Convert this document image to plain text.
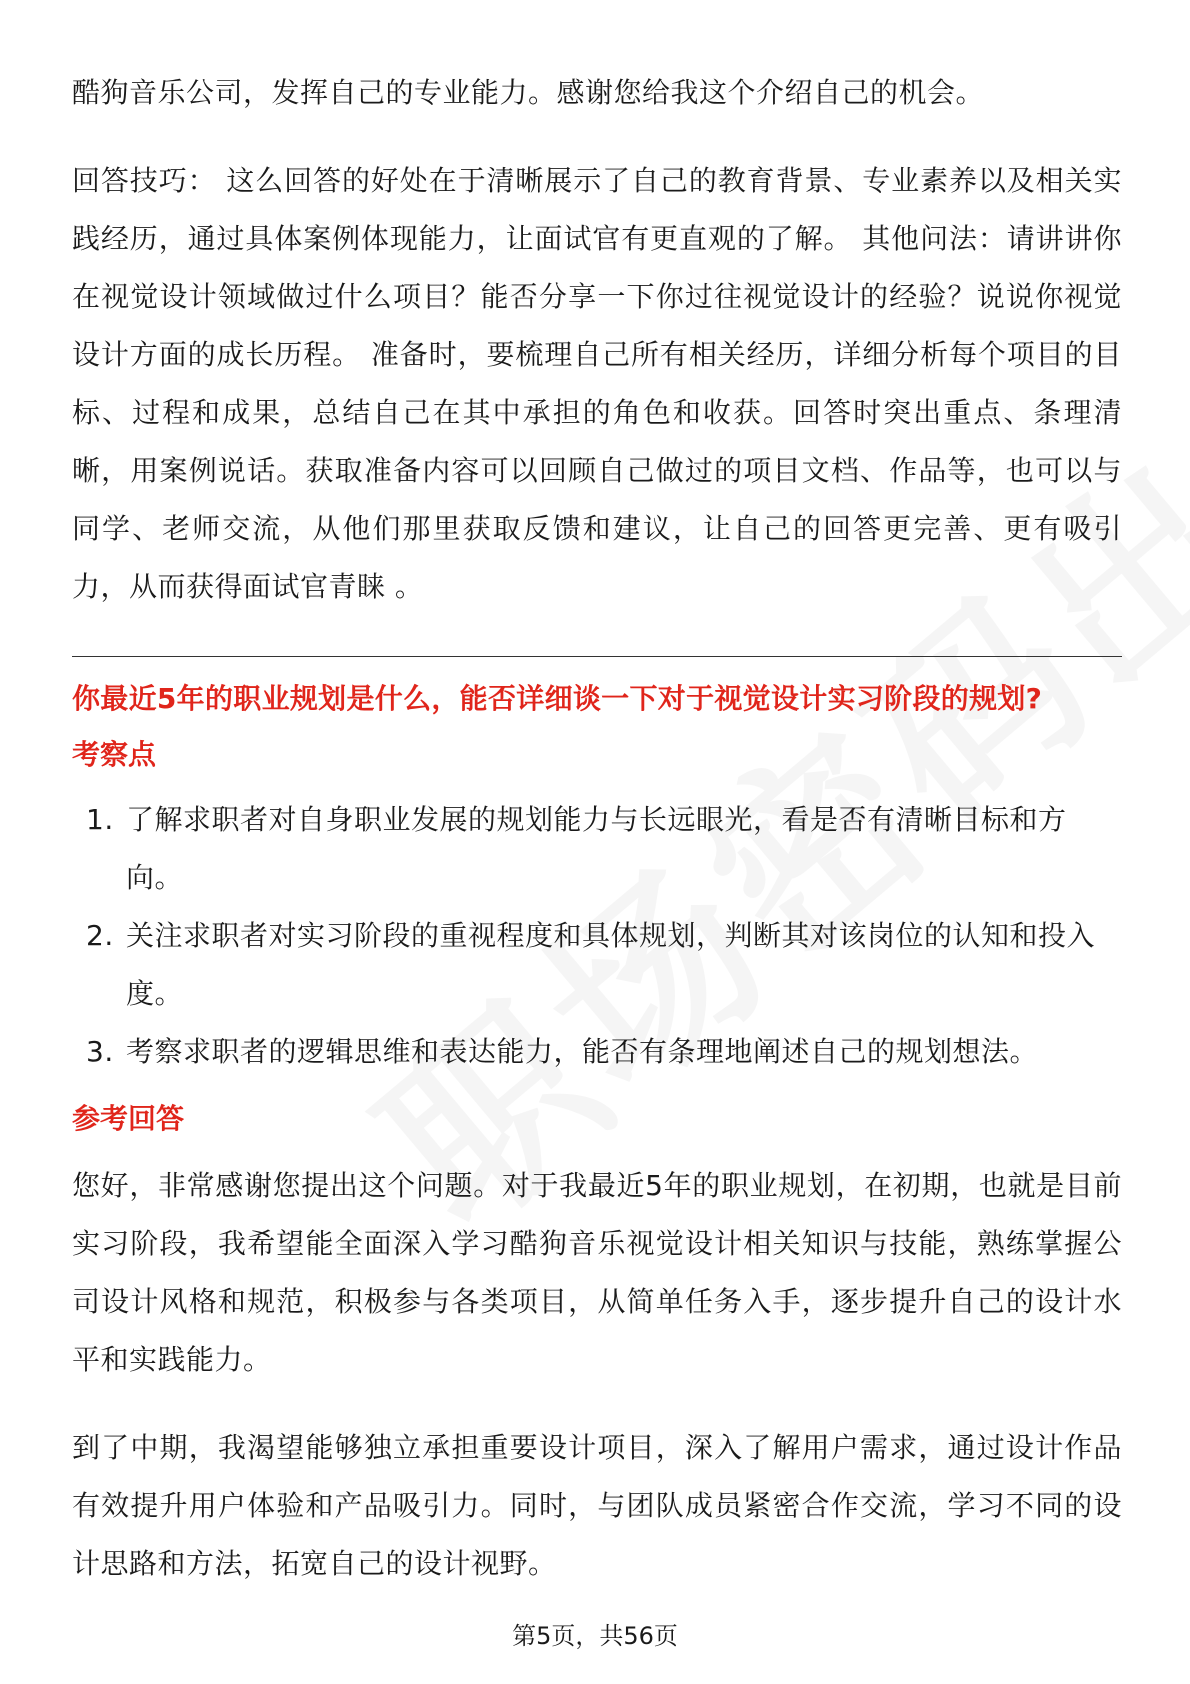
酷狗音乐公司，发挥自己的专业能力。感谢您给我这个介绍自己的机会。

回答技巧： 这么回答的好处在于清晰展示了自己的教育背景、专业素养以及相关实践经历，通过具体案例体现能力，让面试官有更直观的了解。 其他问法：请讲讲你在视觉设计领域做过什么项目？能否分享一下你过往视觉设计的经验？说说你视觉设计方面的成长历程。 准备时，要梳理自己所有相关经历，详细分析每个项目的目标、过程和成果，总结自己在其中承担的角色和收获。回答时突出重点、条理清晰，用案例说话。获取准备内容可以回顾自己做过的项目文档、作品等，也可以与同学、老师交流，从他们那里获取反馈和建议，让自己的回答更完善、更有吸引力，从而获得面试官青睐 。

你最近5年的职业规划是什么，能否详细谈一下对于视觉设计实习阶段的规划?

考察点

1. 了解求职者对自身职业发展的规划能力与长远眼光，看是否有清晰目标和方向。
2. 关注求职者对实习阶段的重视程度和具体规划，判断其对该岗位的认知和投入度。
3. 考察求职者的逻辑思维和表达能力，能否有条理地阐述自己的规划想法。

参考回答

您好，非常感谢您提出这个问题。对于我最近5年的职业规划，在初期，也就是目前实习阶段，我希望能全面深入学习酷狗音乐视觉设计相关知识与技能，熟练掌握公司设计风格和规范，积极参与各类项目，从简单任务入手，逐步提升自己的设计水平和实践能力。

到了中期，我渴望能够独立承担重要设计项目，深入了解用户需求，通过设计作品有效提升用户体验和产品吸引力。同时，与团队成员紧密合作交流，学习不同的设计思路和方法，拓宽自己的设计视野。

第5页，共56页
